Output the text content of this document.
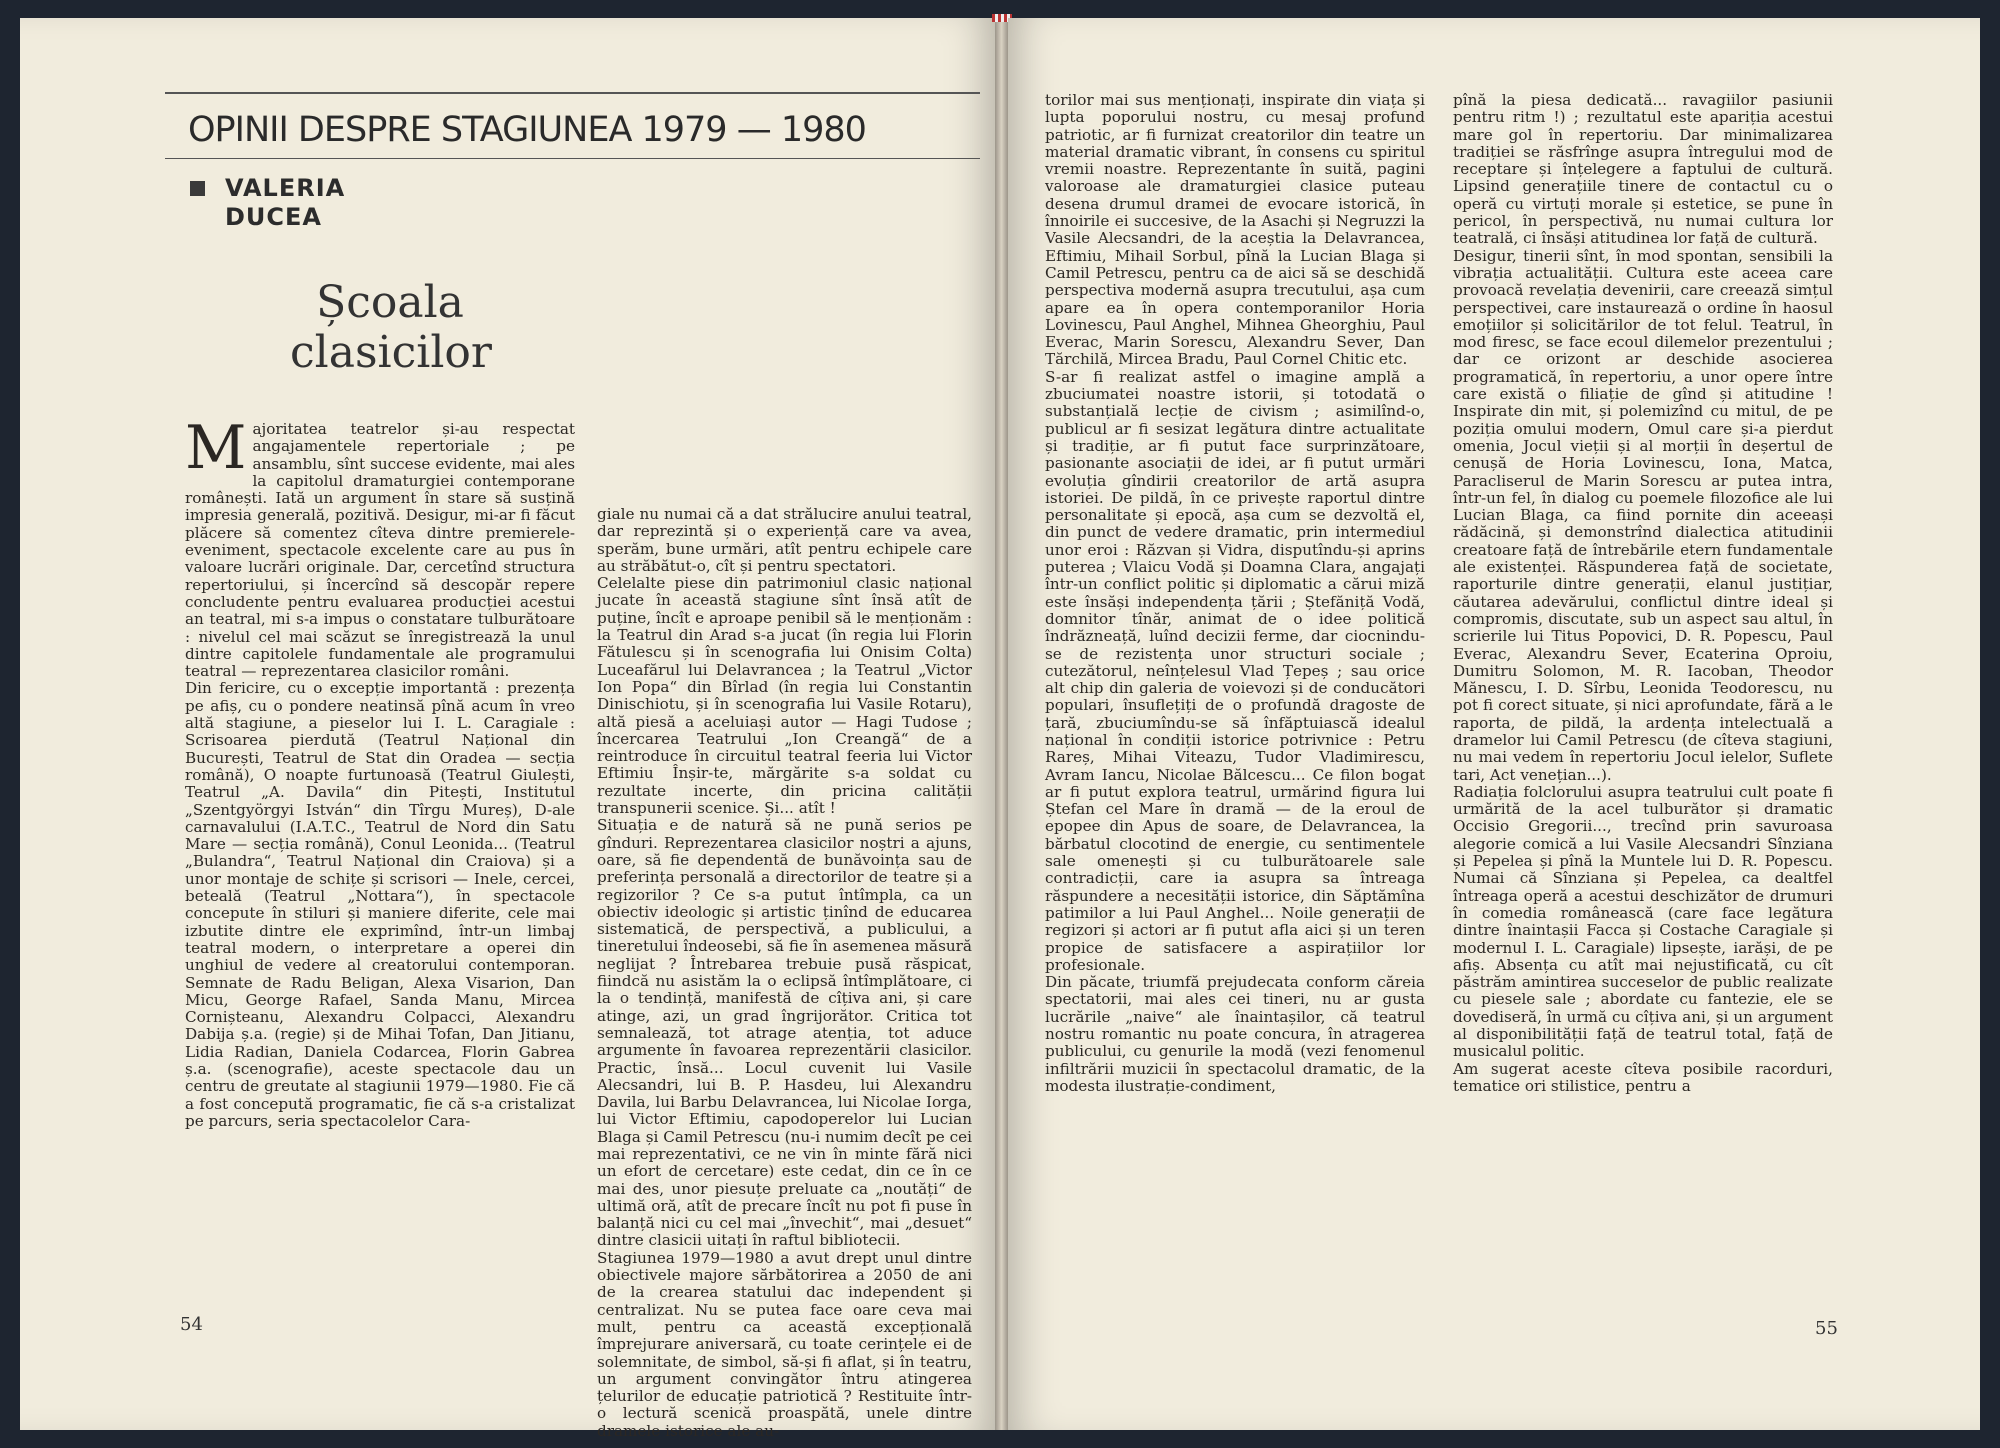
OPINII DESPRE STAGIUNEA 1979 — 1980
VALERIA
DUCEA
Școala
clasicilor
Majoritatea teatrelor și-au respectat angajamentele repertoriale ; pe ansamblu, sînt succese evidente, mai ales la capitolul dramaturgiei contemporane românești. Iată un argument în stare să susțină impresia generală, pozitivă. Desigur, mi-ar fi făcut plăcere să comentez cîteva dintre premierele-eveniment, spectacole excelente care au pus în valoare lucrări originale. Dar, cercetînd structura repertoriului, și încercînd să descopăr repere concludente pentru evaluarea producției acestui an teatral, mi s-a impus o constatare tulburătoare : nivelul cel mai scăzut se înregistrează la unul dintre capitolele fundamentale ale programului teatral — reprezentarea clasicilor români.
Din fericire, cu o excepție importantă : prezența pe afiș, cu o pondere neatinsă pînă acum în vreo altă stagiune, a pieselor lui I. L. Caragiale : Scrisoarea pierdută (Teatrul Național din București, Teatrul de Stat din Oradea — secția română), O noapte furtunoasă (Teatrul Giulești, Teatrul „A. Davila“ din Pitești, Institutul „Szentgyörgyi István“ din Tîrgu Mureș), D-ale carnavalului (I.A.T.C., Teatrul de Nord din Satu Mare — secția română), Conul Leonida... (Teatrul „Bulandra“, Teatrul Național din Craiova) și a unor montaje de schițe și scrisori — Inele, cercei, beteală (Teatrul „Nottara“), în spectacole concepute în stiluri și maniere diferite, cele mai izbutite dintre ele exprimînd, într-un limbaj teatral modern, o interpretare a operei din unghiul de vedere al creatorului contemporan. Semnate de Radu Beligan, Alexa Visarion, Dan Micu, George Rafael, Sanda Manu, Mircea Cornișteanu, Alexandru Colpacci, Alexandru Dabija ș.a. (regie) și de Mihai Tofan, Dan Jitianu, Lidia Radian, Daniela Codarcea, Florin Gabrea ș.a. (scenografie), aceste spectacole dau un centru de greutate al stagiunii 1979—1980. Fie că a fost concepută programatic, fie că s-a cristalizat pe parcurs, seria spectacolelor Cara-
giale nu numai că a dat strălucire anului teatral, dar reprezintă și o experiență care va avea, sperăm, bune urmări, atît pentru echipele care au străbătut-o, cît și pentru spectatori.
Celelalte piese din patrimoniul clasic național jucate în această stagiune sînt însă atît de puține, încît e aproape penibil să le menționăm : la Teatrul din Arad s-a jucat (în regia lui Florin Fătulescu și în scenografia lui Onisim Colta) Luceafărul lui Delavrancea ; la Teatrul „Victor Ion Popa“ din Bîrlad (în regia lui Constantin Dinischiotu, și în scenografia lui Vasile Rotaru), altă piesă a aceluiași autor — Hagi Tudose ; încercarea Teatrului „Ion Creangă“ de a reintroduce în circuitul teatral feeria lui Victor Eftimiu Înșir-te, mărgărite s-a soldat cu rezultate incerte, din pricina calității transpunerii scenice. Și... atît !
Situația e de natură să ne pună serios pe gînduri. Reprezentarea clasicilor noștri a ajuns, oare, să fie dependentă de bunăvoința sau de preferința personală a directorilor de teatre și a regizorilor ? Ce s-a putut întîmpla, ca un obiectiv ideologic și artistic ținînd de educarea sistematică, de perspectivă, a publicului, a tineretului îndeosebi, să fie în asemenea măsură neglijat ? Întrebarea trebuie pusă răspicat, fiindcă nu asistăm la o eclipsă întîmplătoare, ci la o tendință, manifestă de cîțiva ani, și care atinge, azi, un grad îngrijorător. Critica tot semnalează, tot atrage atenția, tot aduce argumente în favoarea reprezentării clasicilor. Practic, însă... Locul cuvenit lui Vasile Alecsandri, lui B. P. Hasdeu, lui Alexandru Davila, lui Barbu Delavrancea, lui Nicolae Iorga, lui Victor Eftimiu, capodoperelor lui Lucian Blaga și Camil Petrescu (nu-i numim decît pe cei mai reprezentativi, ce ne vin în minte fără nici un efort de cercetare) este cedat, din ce în ce mai des, unor piesuțe preluate ca „noutăți“ de ultimă oră, atît de precare încît nu pot fi puse în balanță nici cu cel mai „învechit“, mai „desuet“ dintre clasicii uitați în raftul bibliotecii.
Stagiunea 1979—1980 a avut drept unul dintre obiectivele majore sărbătorirea a 2050 de ani de la crearea statului dac independent și centralizat. Nu se putea face oare ceva mai mult, pentru ca această excepțională împrejurare aniversară, cu toate cerințele ei de solemnitate, de simbol, să-și fi aflat, și în teatru, un argument convingător întru atingerea țelurilor de educație patriotică ? Restituite într-o lectură scenică proaspătă, unele dintre dramele istorice ale au-
54
torilor mai sus menționați, inspirate din viața și lupta poporului nostru, cu mesaj profund patriotic, ar fi furnizat creatorilor din teatre un material dramatic vibrant, în consens cu spiritul vremii noastre. Reprezentante în suită, pagini valoroase ale dramaturgiei clasice puteau desena drumul dramei de evocare istorică, în înnoirile ei succesive, de la Asachi și Negruzzi la Vasile Alecsandri, de la aceștia la Delavrancea, Eftimiu, Mihail Sorbul, pînă la Lucian Blaga și Camil Petrescu, pentru ca de aici să se deschidă perspectiva modernă asupra trecutului, așa cum apare ea în opera contemporanilor Horia Lovinescu, Paul Anghel, Mihnea Gheorghiu, Paul Everac, Marin Sorescu, Alexandru Sever, Dan Tărchilă, Mircea Bradu, Paul Cornel Chitic etc.
S-ar fi realizat astfel o imagine amplă a zbuciumatei noastre istorii, și totodată o substanțială lecție de civism ; asimilînd-o, publicul ar fi sesizat legătura dintre actualitate și tradiție, ar fi putut face surprinzătoare, pasionante asociații de idei, ar fi putut urmări evoluția gîndirii creatorilor de artă asupra istoriei. De pildă, în ce privește raportul dintre personalitate și epocă, așa cum se dezvoltă el, din punct de vedere dramatic, prin intermediul unor eroi : Răzvan și Vidra, disputîndu-și aprins puterea ; Vlaicu Vodă și Doamna Clara, angajați într-un conflict politic și diplomatic a cărui miză este însăși independența țării ; Ștefăniță Vodă, domnitor tînăr, animat de o idee politică îndrăzneață, luînd decizii ferme, dar ciocnindu-se de rezistența unor structuri sociale ; cutezătorul, neînțelesul Vlad Țepeș ; sau orice alt chip din galeria de voievozi și de conducători populari, însuflețiți de o profundă dragoste de țară, zbuciumîndu-se să înfăptuiască idealul național în condiții istorice potrivnice : Petru Rareș, Mihai Viteazu, Tudor Vladimirescu, Avram Iancu, Nicolae Bălcescu... Ce filon bogat ar fi putut explora teatrul, urmărind figura lui Ștefan cel Mare în dramă — de la eroul de epopee din Apus de soare, de Delavrancea, la bărbatul clocotind de energie, cu sentimentele sale omenești și cu tulburătoarele sale contradicții, care ia asupra sa întreaga răspundere a necesității istorice, din Săptămîna patimilor a lui Paul Anghel... Noile generații de regizori și actori ar fi putut afla aici și un teren propice de satisfacere a aspirațiilor lor profesionale.
Din păcate, triumfă prejudecata conform căreia spectatorii, mai ales cei tineri, nu ar gusta lucrările „naive“ ale înaintașilor, că teatrul nostru romantic nu poate concura, în atragerea publicului, cu genurile la modă (vezi fenomenul infiltrării muzicii în spectacolul dramatic, de la modesta ilustrație-condiment,
pînă la piesa dedicată... ravagiilor pasiunii pentru ritm !) ; rezultatul este apariția acestui mare gol în repertoriu. Dar minimalizarea tradiției se răsfrînge asupra întregului mod de receptare și înțelegere a faptului de cultură. Lipsind generațiile tinere de contactul cu o operă cu virtuți morale și estetice, se pune în pericol, în perspectivă, nu numai cultura lor teatrală, ci însăși atitudinea lor față de cultură.
Desigur, tinerii sînt, în mod spontan, sensibili la vibrația actualității. Cultura este aceea care provoacă revelația devenirii, care creează simțul perspectivei, care instaurează o ordine în haosul emoțiilor și solicitărilor de tot felul. Teatrul, în mod firesc, se face ecoul dilemelor prezentului ; dar ce orizont ar deschide asocierea programatică, în repertoriu, a unor opere între care există o filiație de gînd și atitudine ! Inspirate din mit, și polemizînd cu mitul, de pe poziția omului modern, Omul care și-a pierdut omenia, Jocul vieții și al morții în deșertul de cenușă de Horia Lovinescu, Iona, Matca, Paracliserul de Marin Sorescu ar putea intra, într-un fel, în dialog cu poemele filozofice ale lui Lucian Blaga, ca fiind pornite din aceeași rădăcină, și demonstrînd dialectica atitudinii creatoare față de întrebările etern fundamentale ale existenței. Răspunderea față de societate, raporturile dintre generații, elanul justițiar, căutarea adevărului, conflictul dintre ideal și compromis, discutate, sub un aspect sau altul, în scrierile lui Titus Popovici, D. R. Popescu, Paul Everac, Alexandru Sever, Ecaterina Oproiu, Dumitru Solomon, M. R. Iacoban, Theodor Mănescu, I. D. Sîrbu, Leonida Teodorescu, nu pot fi corect situate, și nici aprofundate, fără a le raporta, de pildă, la ardența intelectuală a dramelor lui Camil Petrescu (de cîteva stagiuni, nu mai vedem în repertoriu Jocul ielelor, Suflete tari, Act venețian...).
Radiația folclorului asupra teatrului cult poate fi urmărită de la acel tulburător și dramatic Occisio Gregorii..., trecînd prin savuroasa alegorie comică a lui Vasile Alecsandri Sînziana și Pepelea și pînă la Muntele lui D. R. Popescu. Numai că Sînziana și Pepelea, ca dealtfel întreaga operă a acestui deschizător de drumuri în comedia românească (care face legătura dintre înaintașii Facca și Costache Caragiale și modernul I. L. Caragiale) lipsește, iarăși, de pe afiș. Absența cu atît mai nejustificată, cu cît păstrăm amintirea succeselor de public realizate cu piesele sale ; abordate cu fantezie, ele se dovediseră, în urmă cu cîțiva ani, și un argument al disponibilității față de teatrul total, față de musicalul politic.
Am sugerat aceste cîteva posibile racorduri, tematice ori stilistice, pentru a
55
